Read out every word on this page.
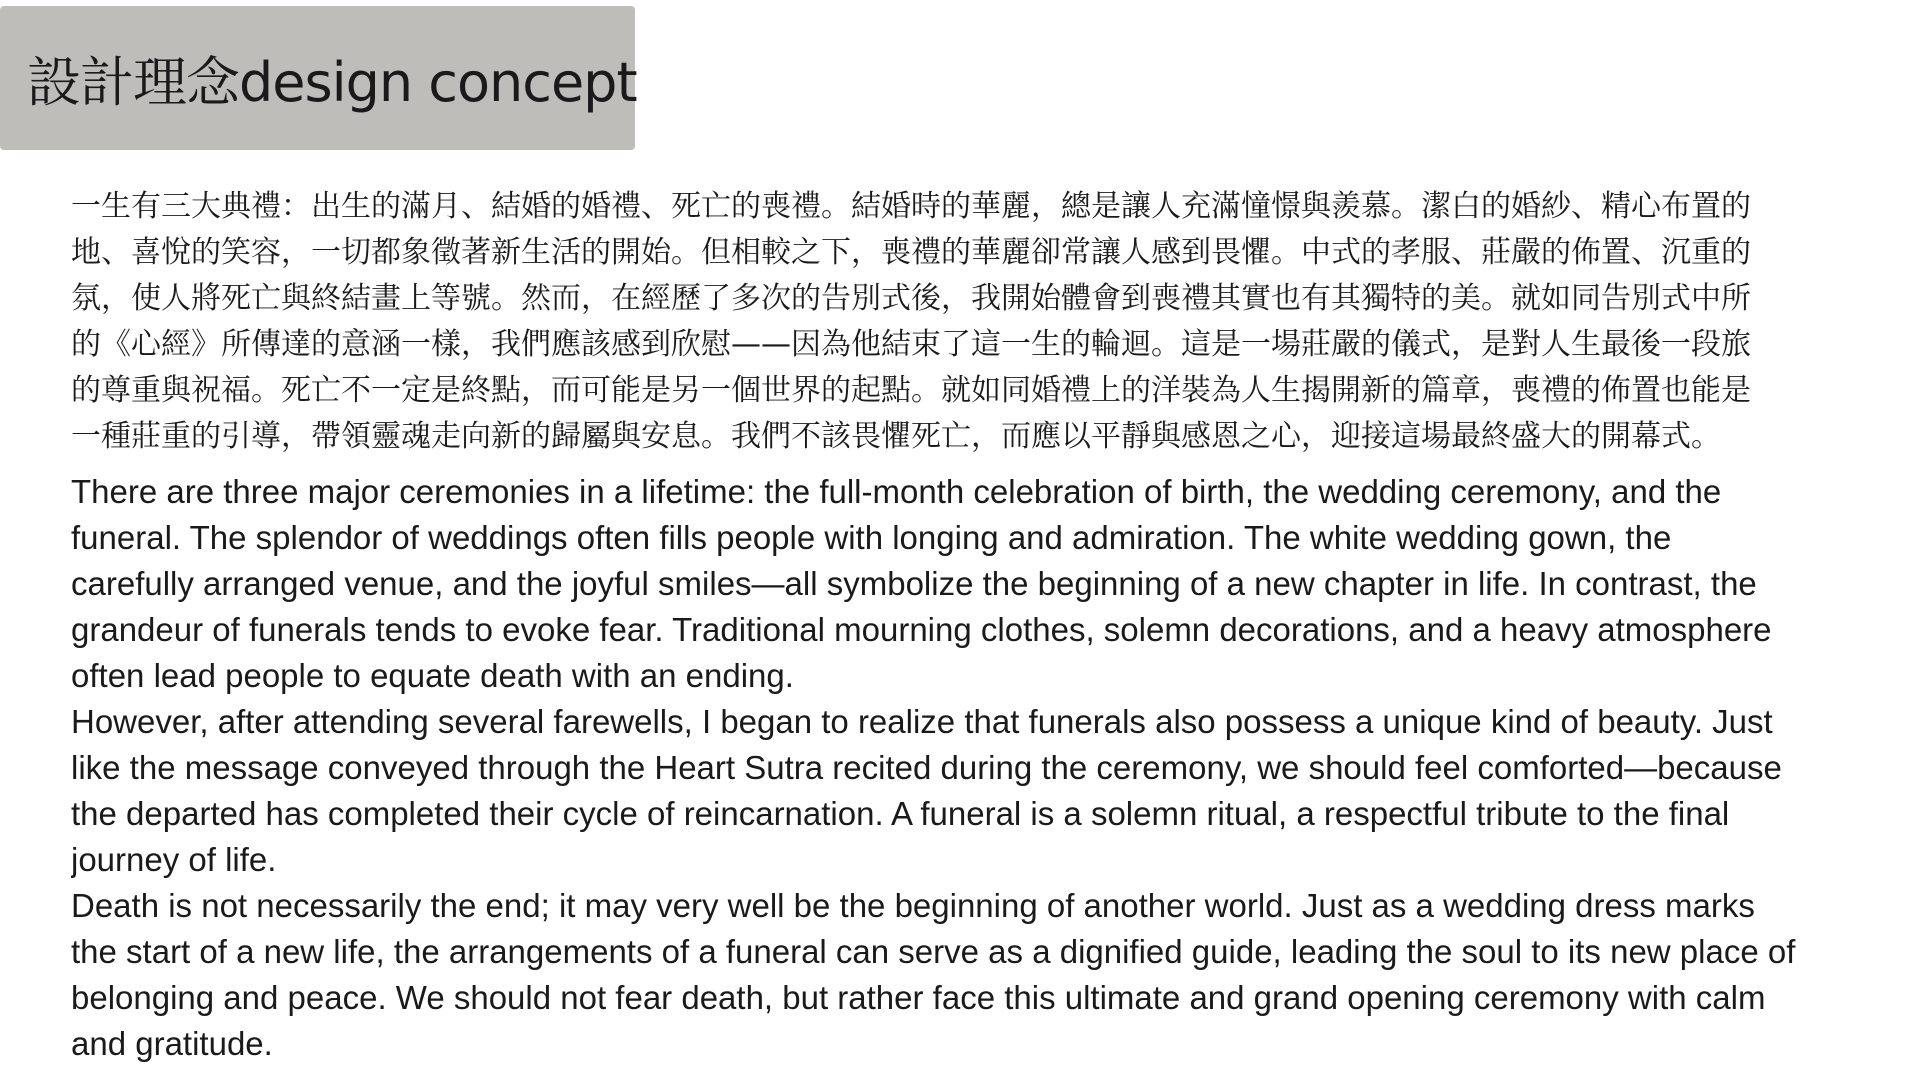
設計理念design concept
一生有三大典禮：出生的滿月、結婚的婚禮、死亡的喪禮。結婚時的華麗，總是讓人充滿憧憬與羨慕。潔白的婚紗、精心布置的
地、喜悅的笑容，一切都象徵著新生活的開始。但相較之下，喪禮的華麗卻常讓人感到畏懼。中式的孝服、莊嚴的佈置、沉重的
氛，使人將死亡與終結畫上等號。然而，在經歷了多次的告別式後，我開始體會到喪禮其實也有其獨特的美。就如同告別式中所
的《心經》所傳達的意涵一樣，我們應該感到欣慰——因為他結束了這一生的輪迴。這是一場莊嚴的儀式，是對人生最後一段旅
的尊重與祝福。死亡不一定是終點，而可能是另一個世界的起點。就如同婚禮上的洋裝為人生揭開新的篇章，喪禮的佈置也能是
一種莊重的引導，帶領靈魂走向新的歸屬與安息。我們不該畏懼死亡，而應以平靜與感恩之心，迎接這場最終盛大的開幕式。
There are three major ceremonies in a lifetime: the full-month celebration of birth, the wedding ceremony, and the
funeral. The splendor of weddings often fills people with longing and admiration. The white wedding gown, the
carefully arranged venue, and the joyful smiles—all symbolize the beginning of a new chapter in life. In contrast, the
grandeur of funerals tends to evoke fear. Traditional mourning clothes, solemn decorations, and a heavy atmosphere
often lead people to equate death with an ending.
However, after attending several farewells, I began to realize that funerals also possess a unique kind of beauty. Just
like the message conveyed through the Heart Sutra recited during the ceremony, we should feel comforted—because
the departed has completed their cycle of reincarnation. A funeral is a solemn ritual, a respectful tribute to the final
journey of life.
Death is not necessarily the end; it may very well be the beginning of another world. Just as a wedding dress marks
the start of a new life, the arrangements of a funeral can serve as a dignified guide, leading the soul to its new place of
belonging and peace. We should not fear death, but rather face this ultimate and grand opening ceremony with calm
and gratitude.
